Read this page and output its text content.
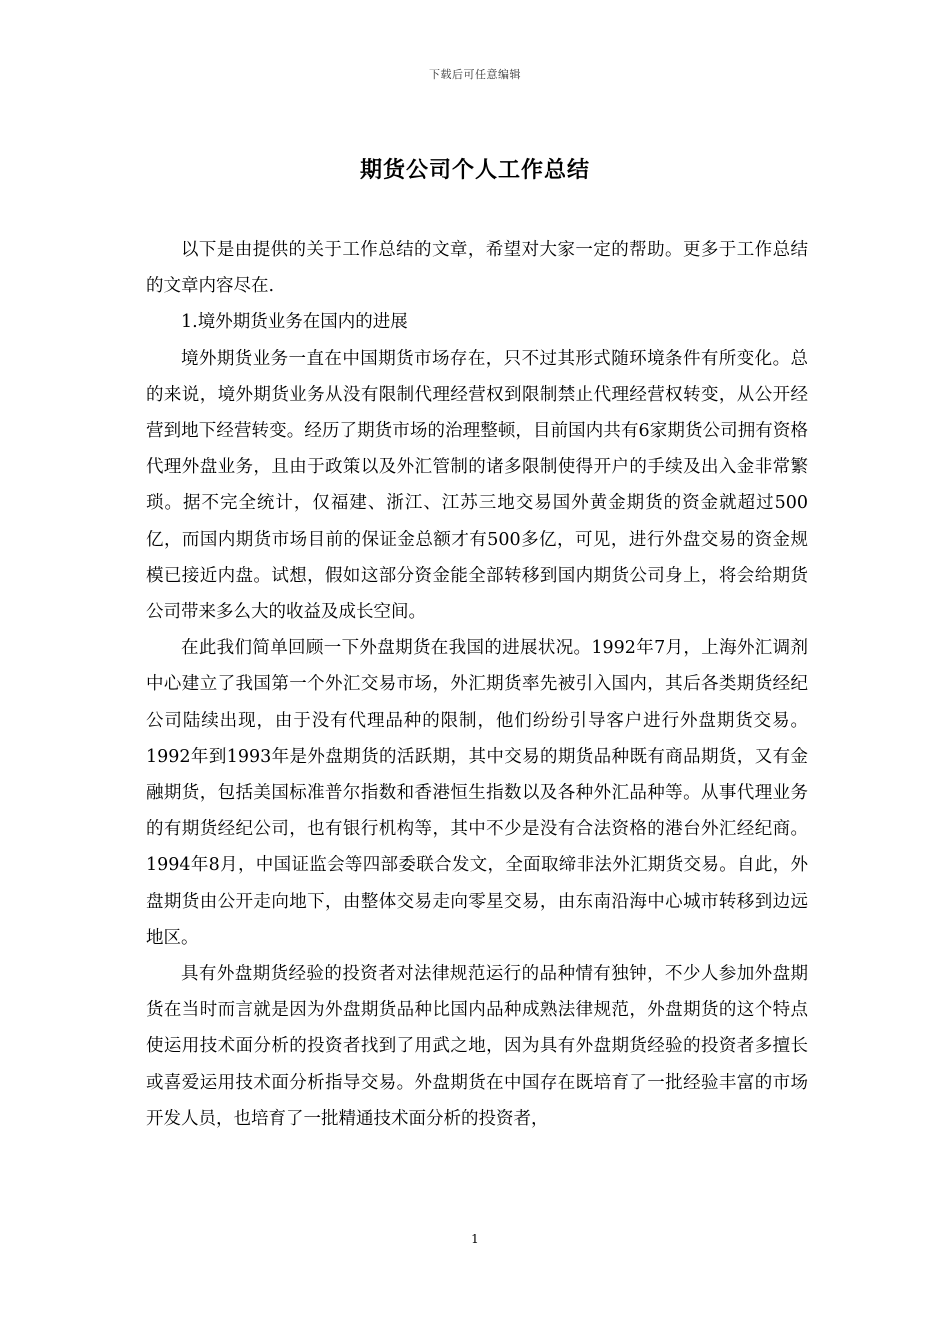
下载后可任意编辑
期货公司个人工作总结

以下是由提供的关于工作总结的文章，希望对大家一定的帮助。更多于工作总结的文章内容尽在.

1.境外期货业务在国内的进展

境外期货业务一直在中国期货市场存在，只不过其形式随环境条件有所变化。总的来说，境外期货业务从没有限制代理经营权到限制禁止代理经营权转变，从公开经营到地下经营转变。经历了期货市场的治理整顿，目前国内共有6家期货公司拥有资格代理外盘业务，且由于政策以及外汇管制的诸多限制使得开户的手续及出入金非常繁琐。据不完全统计，仅福建、浙江、江苏三地交易国外黄金期货的资金就超过500亿，而国内期货市场目前的保证金总额才有500多亿，可见，进行外盘交易的资金规模已接近内盘。试想，假如这部分资金能全部转移到国内期货公司身上，将会给期货公司带来多么大的收益及成长空间。

在此我们简单回顾一下外盘期货在我国的进展状况。1992年7月，上海外汇调剂中心建立了我国第一个外汇交易市场，外汇期货率先被引入国内，其后各类期货经纪公司陆续出现，由于没有代理品种的限制，他们纷纷引导客户进行外盘期货交易。1992年到1993年是外盘期货的活跃期，其中交易的期货品种既有商品期货，又有金融期货，包括美国标准普尔指数和香港恒生指数以及各种外汇品种等。从事代理业务的有期货经纪公司，也有银行机构等，其中不少是没有合法资格的港台外汇经纪商。1994年8月，中国证监会等四部委联合发文，全面取缔非法外汇期货交易。自此，外盘期货由公开走向地下，由整体交易走向零星交易，由东南沿海中心城市转移到边远地区。

具有外盘期货经验的投资者对法律规范运行的品种情有独钟，不少人参加外盘期货在当时而言就是因为外盘期货品种比国内品种成熟法律规范，外盘期货的这个特点使运用技术面分析的投资者找到了用武之地，因为具有外盘期货经验的投资者多擅长或喜爱运用技术面分析指导交易。外盘期货在中国存在既培育了一批经验丰富的市场开发人员，也培育了一批精通技术面分析的投资者，

1
